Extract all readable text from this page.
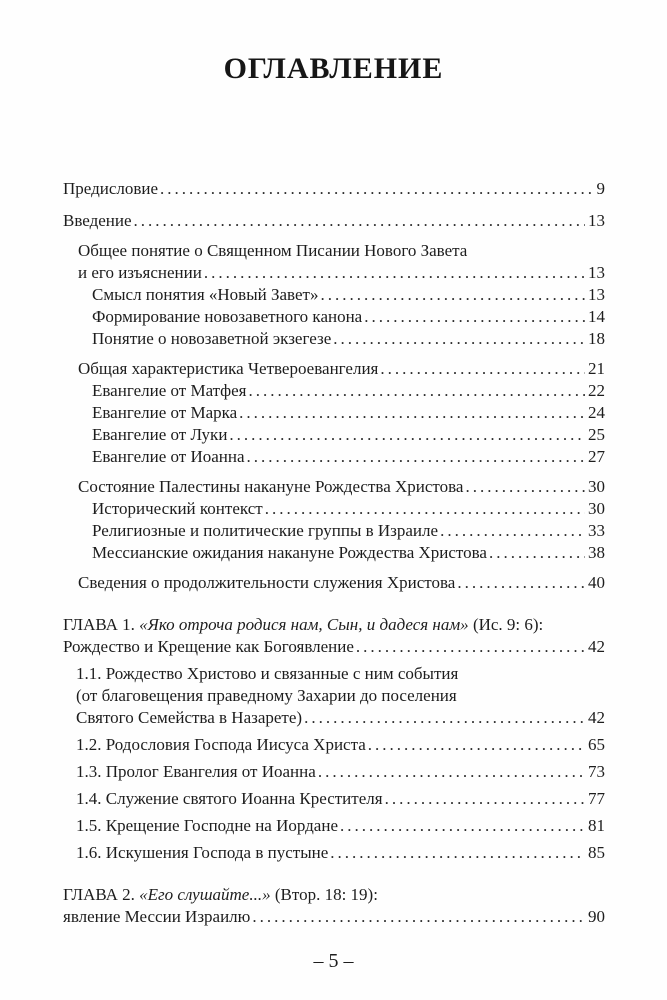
ОГЛАВЛЕНИЕ
Предисловие .....	9
Введение .....	13
Общее понятие о Священном Писании Нового Завета
и его изъяснении .....	13
Смысл понятия «Новый Завет» .....	13
Формирование новозаветного канона .....	14
Понятие о новозаветной экзегезе .....	18
Общая характеристика Четвероевангелия .....	21
Евангелие от Матфея .....	22
Евангелие от Марка .....	24
Евангелие от Луки .....	25
Евангелие от Иоанна .....	27
Состояние Палестины накануне Рождества Христова .....	30
Исторический контекст .....	30
Религиозные и политические группы в Израиле .....	33
Мессианские ожидания накануне Рождества Христова .....	38
Сведения о продолжительности служения Христова .....	40
ГЛАВА 1. «Яко отроча родися нам, Сын, и дадеся нам» (Ис. 9: 6):
Рождество и Крещение как Богоявление .....	42
1.1. Рождество Христово и связанные с ним события
(от благовещения праведному Захарии до поселения
Святого Семейства в Назарете) .....	42
1.2. Родословия Господа Иисуса Христа .....	65
1.3. Пролог Евангелия от Иоанна .....	73
1.4. Служение святого Иоанна Крестителя .....	77
1.5. Крещение Господне на Иордане .....	81
1.6. Искушения Господа в пустыне .....	85
ГЛАВА 2. «Его слушайте...» (Втор. 18: 19):
явление Мессии Израилю .....	90
– 5 –
